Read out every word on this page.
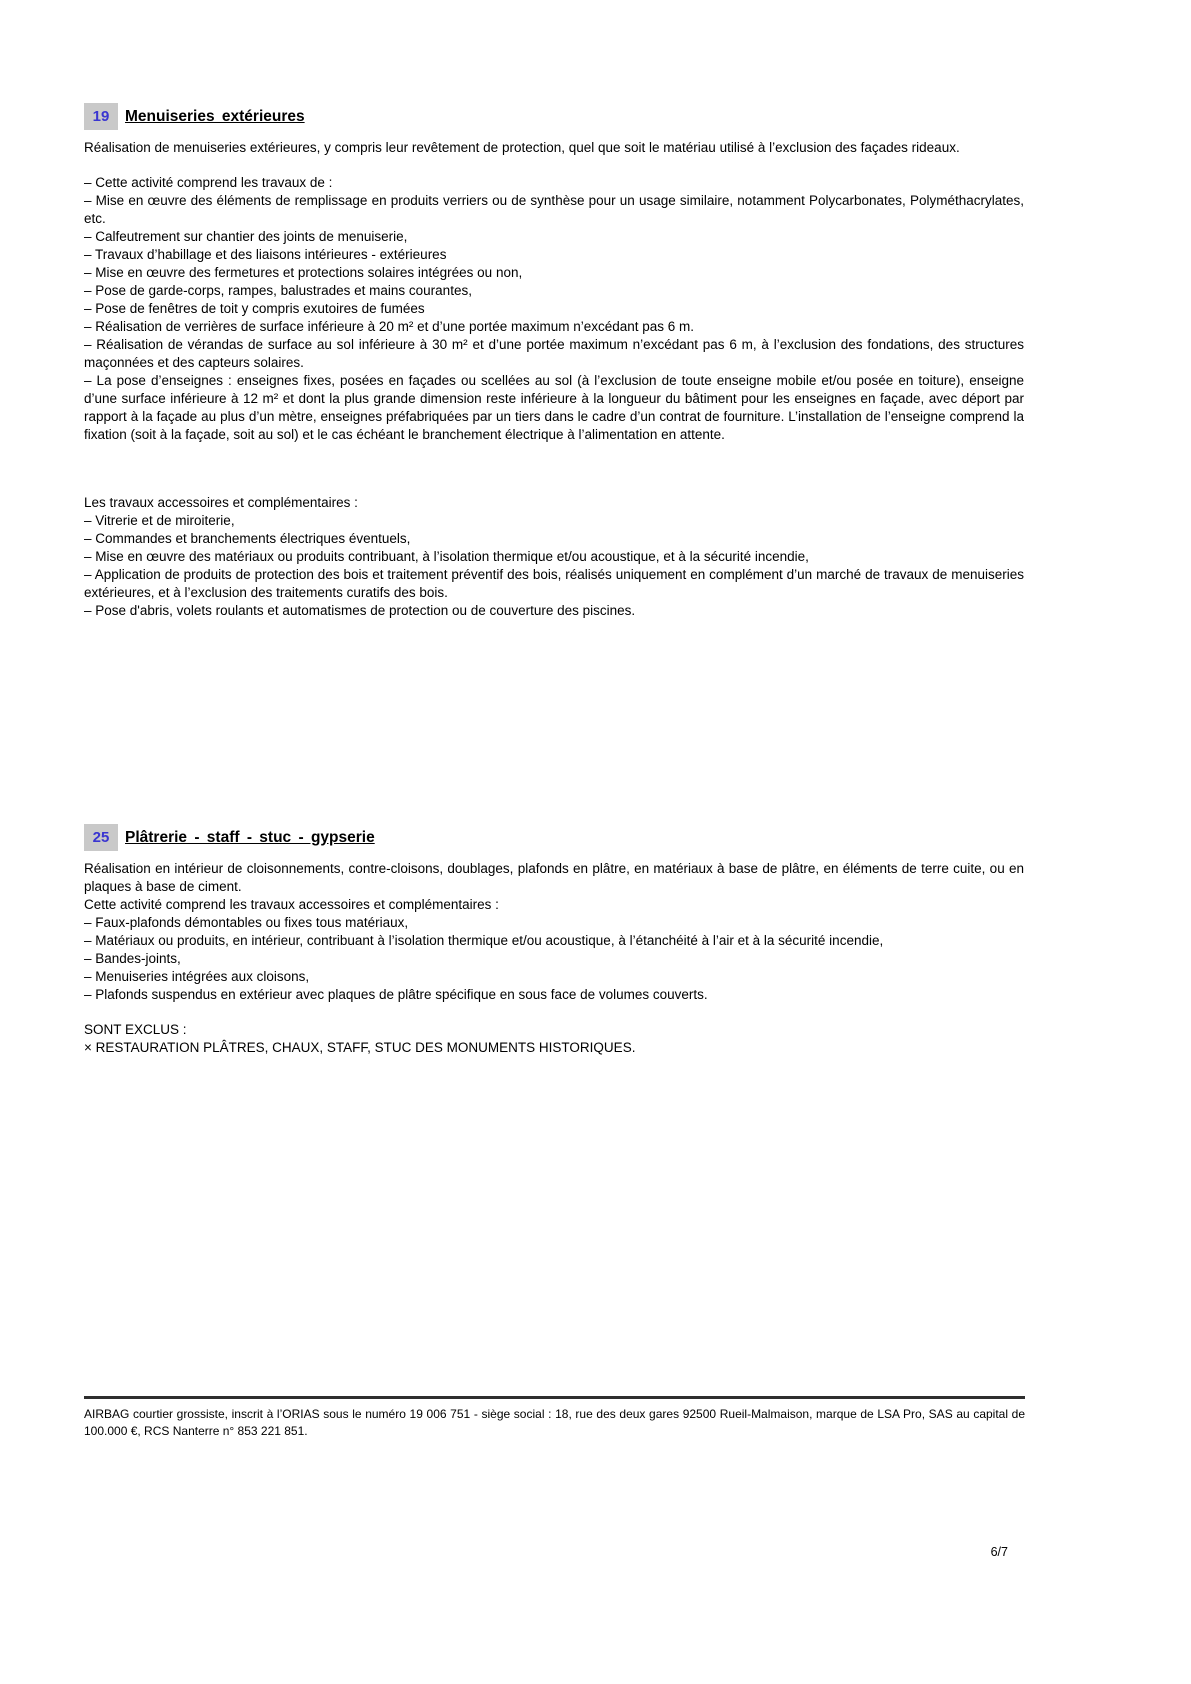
19	Menuiseries extérieures

Réalisation de menuiseries extérieures, y compris leur revêtement de protection, quel que soit le matériau utilisé à l’exclusion des façades rideaux.

– Cette activité comprend les travaux de :

– Mise en œuvre des éléments de remplissage en produits verriers ou de synthèse pour un usage similaire, notamment Polycarbonates, Polyméthacrylates, etc.

– Calfeutrement sur chantier des joints de menuiserie,

– Travaux d’habillage et des liaisons intérieures - extérieures

– Mise en œuvre des fermetures et protections solaires intégrées ou non,

– Pose de garde-corps, rampes, balustrades et mains courantes,

– Pose de fenêtres de toit y compris exutoires de fumées

– Réalisation de verrières de surface inférieure à 20 m² et d’une portée maximum n’excédant pas 6 m.

– Réalisation de vérandas de surface au sol inférieure à 30 m² et d’une portée maximum n’excédant pas 6 m, à l’exclusion des fondations, des structures maçonnées et des capteurs solaires.

– La pose d’enseignes : enseignes fixes, posées en façades ou scellées au sol (à l’exclusion de toute enseigne mobile et/ou posée en toiture), enseigne d’une surface inférieure à 12 m² et dont la plus grande dimension reste inférieure à la longueur du bâtiment pour les enseignes en façade, avec déport par rapport à la façade au plus d’un mètre, enseignes préfabriquées par un tiers dans le cadre d’un contrat de fourniture. L’installation de l’enseigne comprend la fixation (soit à la façade, soit au sol) et le cas échéant le branchement électrique à l’alimentation en attente.

Les travaux accessoires et complémentaires :

– Vitrerie et de miroiterie,

– Commandes et branchements électriques éventuels,

– Mise en œuvre des matériaux ou produits contribuant, à l’isolation thermique et/ou acoustique, et à la sécurité incendie,

– Application de produits de protection des bois et traitement préventif des bois, réalisés uniquement en complément d’un marché de travaux de menuiseries extérieures, et à l’exclusion des traitements curatifs des bois.

– Pose d'abris, volets roulants et automatismes de protection ou de couverture des piscines.

25	Plâtrerie - staff - stuc - gypserie

Réalisation en intérieur de cloisonnements, contre-cloisons, doublages, plafonds en plâtre, en matériaux à base de plâtre, en éléments de terre cuite, ou en plaques à base de ciment.

Cette activité comprend les travaux accessoires et complémentaires :

– Faux-plafonds démontables ou fixes tous matériaux,

– Matériaux ou produits, en intérieur, contribuant à l’isolation thermique et/ou acoustique, à l’étanchéité à l’air et à la sécurité incendie,

– Bandes-joints,

– Menuiseries intégrées aux cloisons,

– Plafonds suspendus en extérieur avec plaques de plâtre spécifique en sous face de volumes couverts.

SONT EXCLUS :

× RESTAURATION PLÂTRES, CHAUX, STAFF, STUC DES MONUMENTS HISTORIQUES.

AIRBAG courtier grossiste, inscrit à l’ORIAS sous le numéro 19 006 751 - siège social : 18, rue des deux gares 92500 Rueil-Malmaison, marque de LSA Pro, SAS au capital de 100.000 €, RCS Nanterre n° 853 221 851.

6/7
